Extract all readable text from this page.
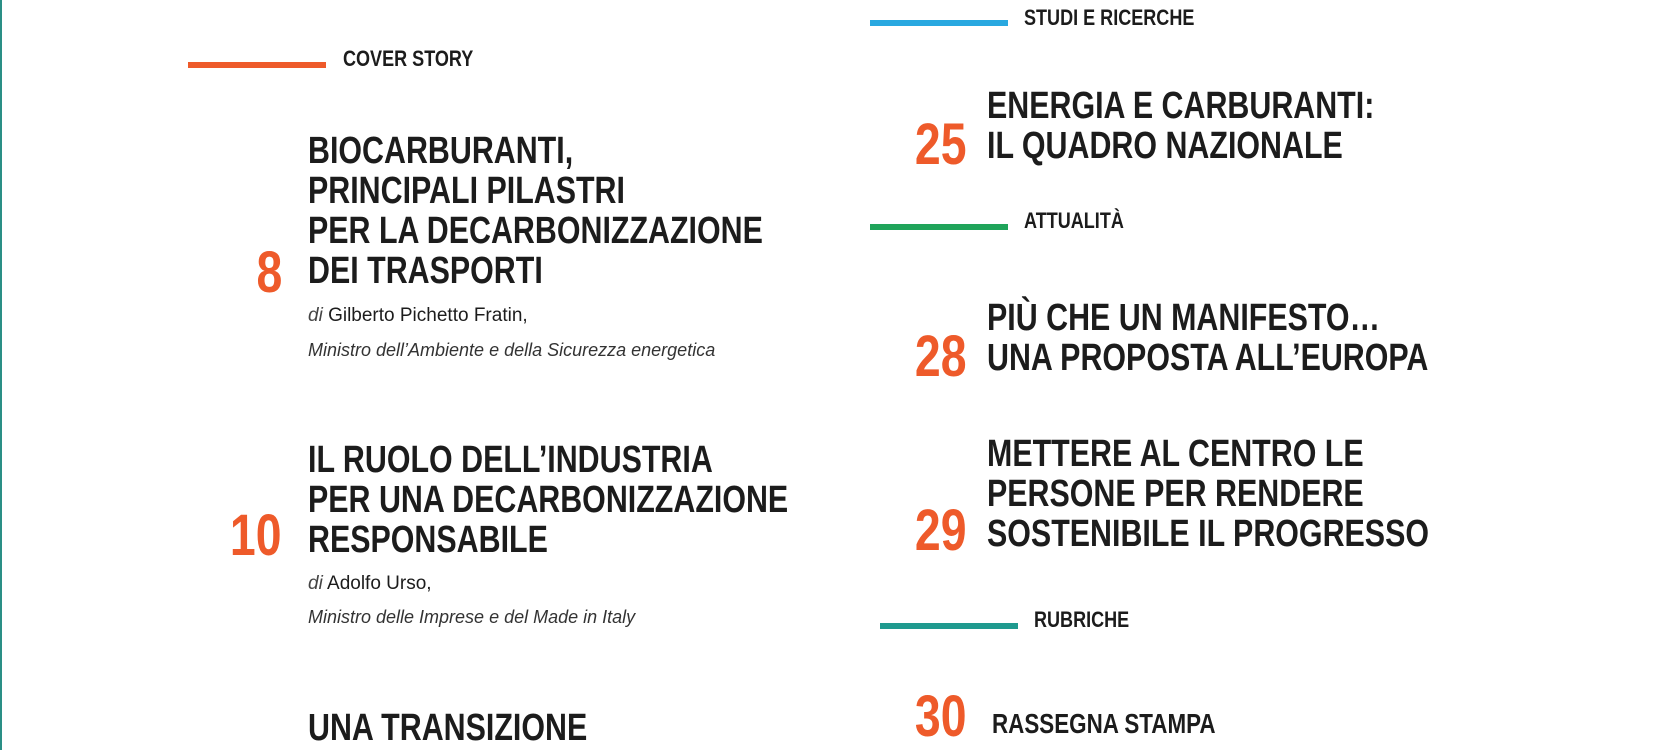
COVER STORY
8
BIOCARBURANTI,
PRINCIPALI PILASTRI
PER LA DECARBONIZZAZIONE
DEI TRASPORTI
di Gilberto Pichetto Fratin,
Ministro dell’Ambiente e della Sicurezza energetica
10
IL RUOLO DELL’INDUSTRIA
PER UNA DECARBONIZZAZIONE
RESPONSABILE
di Adolfo Urso,
Ministro delle Imprese e del Made in Italy
UNA TRANSIZIONE
STUDI E RICERCHE
25
ENERGIA E CARBURANTI:
IL QUADRO NAZIONALE
ATTUALITÀ
28
PIÙ CHE UN MANIFESTO…
UNA PROPOSTA ALL’EUROPA
29
METTERE AL CENTRO LE
PERSONE PER RENDERE
SOSTENIBILE IL PROGRESSO
RUBRICHE
30 RASSEGNA STAMPA
